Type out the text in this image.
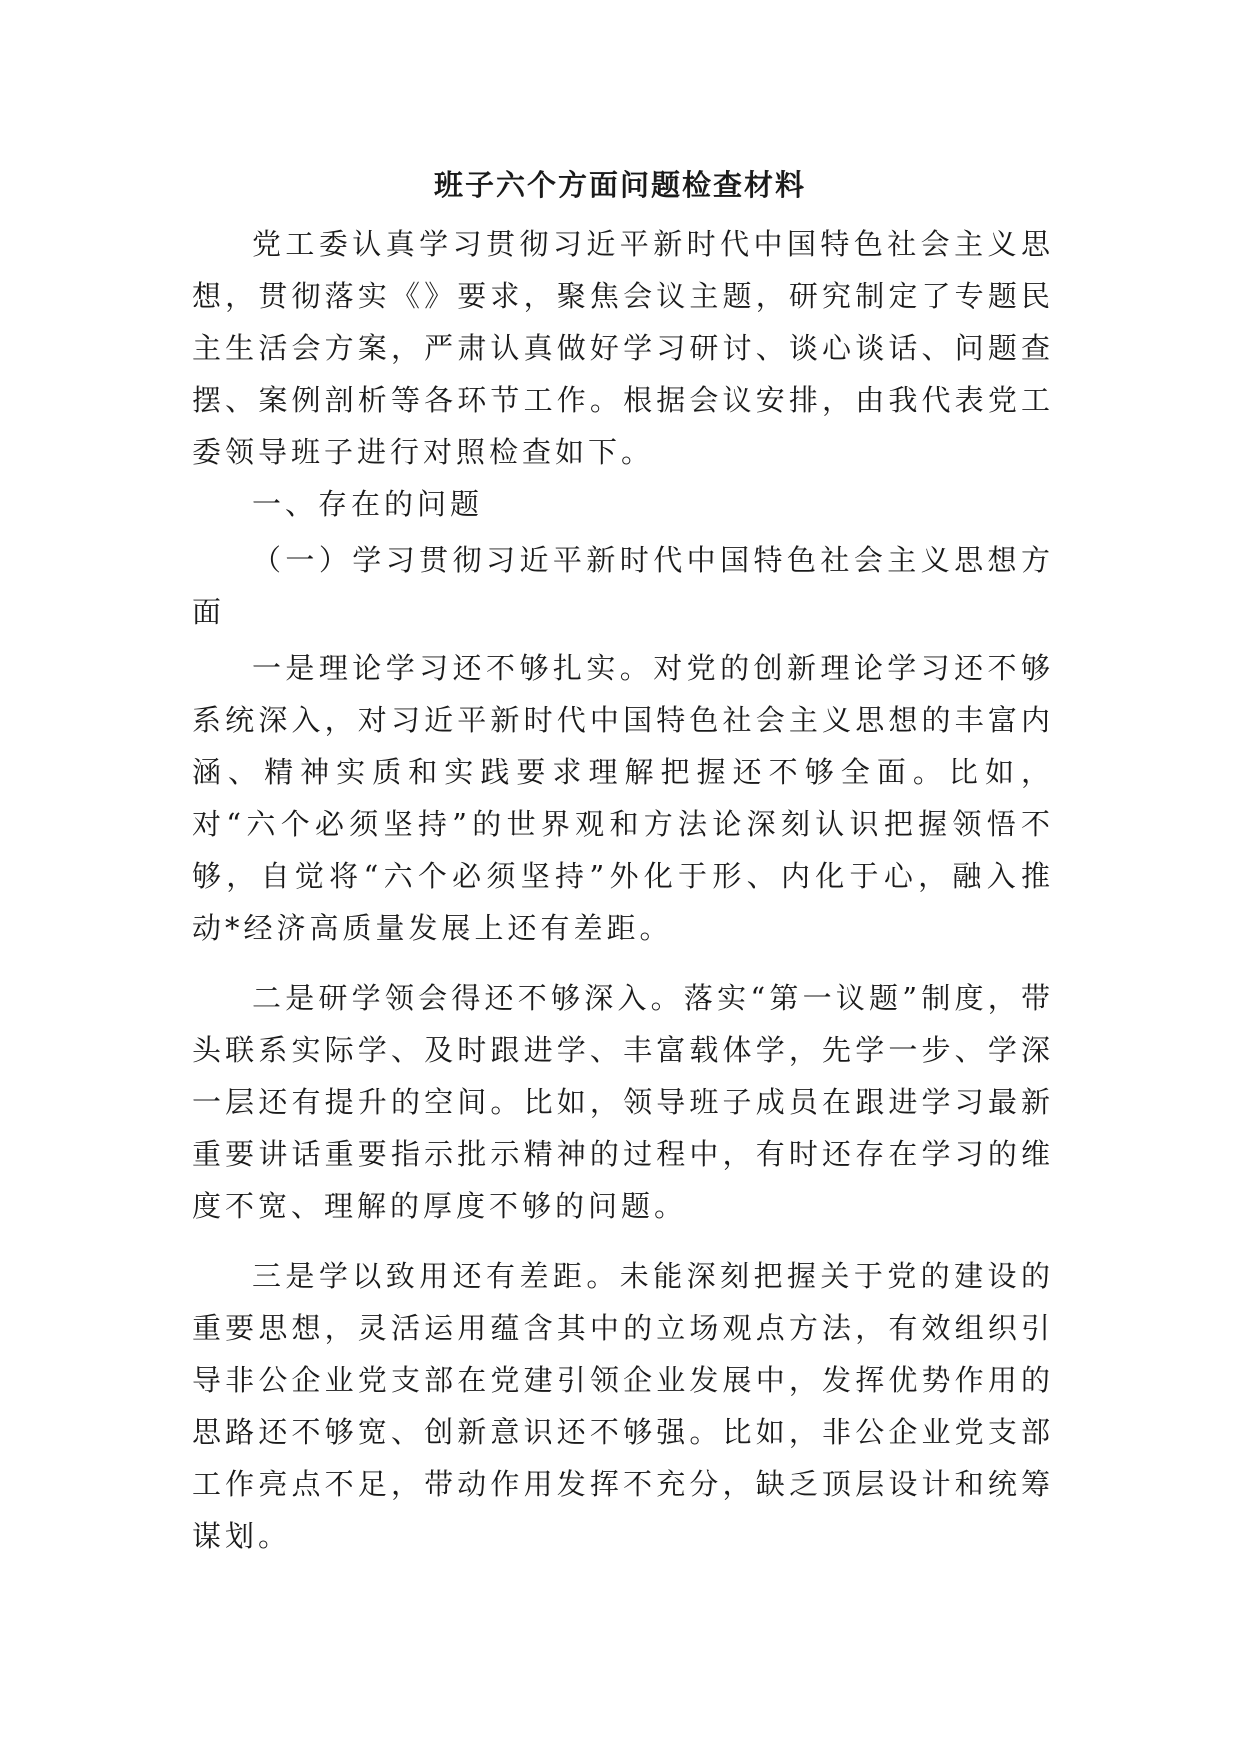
班子六个方面问题检查材料

党工委认真学习贯彻习近平新时代中国特色社会主义思想，贯彻落实《》要求，聚焦会议主题，研究制定了专题民主生活会方案，严肃认真做好学习研讨、谈心谈话、问题查摆、案例剖析等各环节工作。根据会议安排，由我代表党工委领导班子进行对照检查如下。

一、存在的问题

（一）学习贯彻习近平新时代中国特色社会主义思想方面

一是理论学习还不够扎实。对党的创新理论学习还不够系统深入，对习近平新时代中国特色社会主义思想的丰富内涵、精神实质和实践要求理解把握还不够全面。比如，对“六个必须坚持”的世界观和方法论深刻认识把握领悟不够，自觉将“六个必须坚持”外化于形、内化于心，融入推动*经济高质量发展上还有差距。

二是研学领会得还不够深入。落实“第一议题”制度，带头联系实际学、及时跟进学、丰富载体学，先学一步、学深一层还有提升的空间。比如，领导班子成员在跟进学习最新重要讲话重要指示批示精神的过程中，有时还存在学习的维度不宽、理解的厚度不够的问题。

三是学以致用还有差距。未能深刻把握关于党的建设的重要思想，灵活运用蕴含其中的立场观点方法，有效组织引导非公企业党支部在党建引领企业发展中，发挥优势作用的思路还不够宽、创新意识还不够强。比如，非公企业党支部工作亮点不足，带动作用发挥不充分，缺乏顶层设计和统筹谋划。
